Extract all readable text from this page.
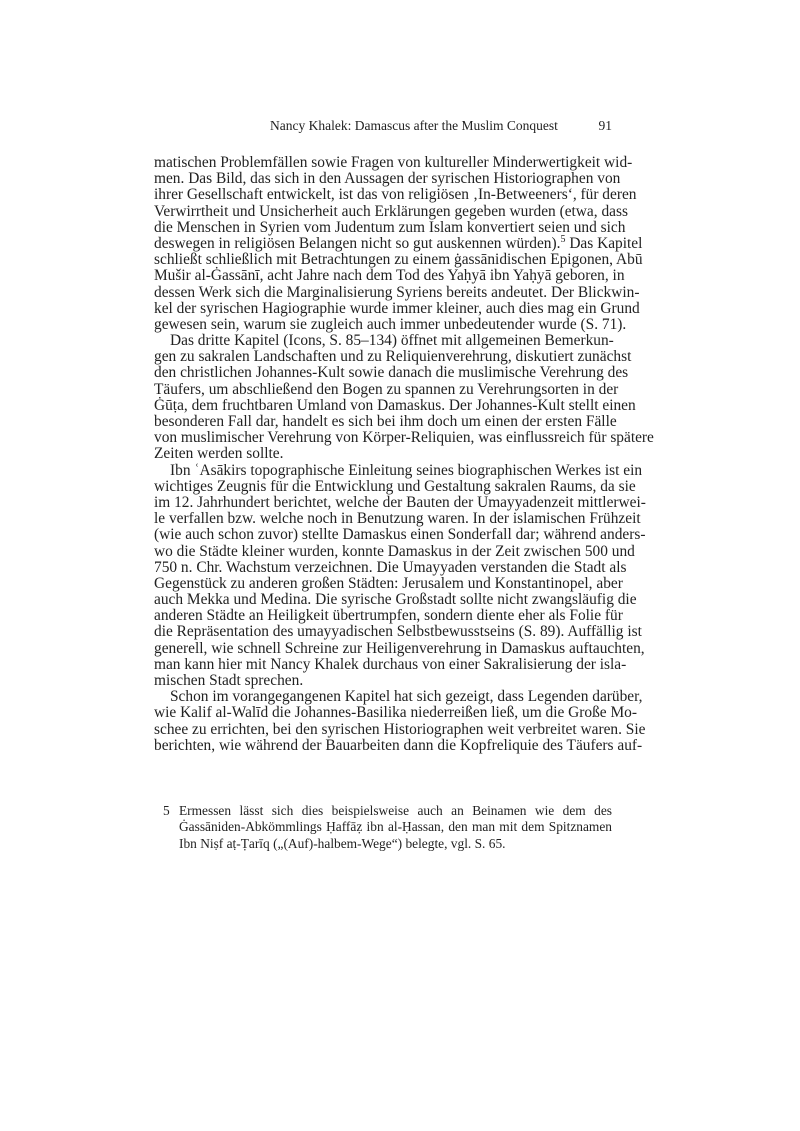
Nancy Khalek: Damascus after the Muslim Conquest	91
matischen Problemfällen sowie Fragen von kultureller Minderwertigkeit wid-
men. Das Bild, das sich in den Aussagen der syrischen Historiographen von
ihrer Gesellschaft entwickelt, ist das von religiösen ‚In-Betweeners‘, für deren
Verwirrtheit und Unsicherheit auch Erklärungen gegeben wurden (etwa, dass
die Menschen in Syrien vom Judentum zum Islam konvertiert seien und sich
deswegen in religiösen Belangen nicht so gut auskennen würden).$^5$ Das Kapitel
schließt schließlich mit Betrachtungen zu einem ġassānidischen Epigonen, Abū
Mušir al-Ġassānī, acht Jahre nach dem Tod des Yaḥyā ibn Yaḥyā geboren, in
dessen Werk sich die Marginalisierung Syriens bereits andeutet. Der Blickwin-
kel der syrischen Hagiographie wurde immer kleiner, auch dies mag ein Grund
gewesen sein, warum sie zugleich auch immer unbedeutender wurde (S. 71).
Das dritte Kapitel (Icons, S. 85–134) öffnet mit allgemeinen Bemerkun-
gen zu sakralen Landschaften und zu Reliquienverehrung, diskutiert zunächst
den christlichen Johannes-Kult sowie danach die muslimische Verehrung des
Täufers, um abschließend den Bogen zu spannen zu Verehrungsorten in der
Ġūṭa, dem fruchtbaren Umland von Damaskus. Der Johannes-Kult stellt einen
besonderen Fall dar, handelt es sich bei ihm doch um einen der ersten Fälle
von muslimischer Verehrung von Körper-Reliquien, was einflussreich für spätere
Zeiten werden sollte.
Ibn ʿAsākirs topographische Einleitung seines biographischen Werkes ist ein
wichtiges Zeugnis für die Entwicklung und Gestaltung sakralen Raums, da sie
im 12. Jahrhundert berichtet, welche der Bauten der Umayyadenzeit mittlerwei-
le verfallen bzw. welche noch in Benutzung waren. In der islamischen Frühzeit
(wie auch schon zuvor) stellte Damaskus einen Sonderfall dar; während anders-
wo die Städte kleiner wurden, konnte Damaskus in der Zeit zwischen 500 und
750 n. Chr. Wachstum verzeichnen. Die Umayyaden verstanden die Stadt als
Gegenstück zu anderen großen Städten: Jerusalem und Konstantinopel, aber
auch Mekka und Medina. Die syrische Großstadt sollte nicht zwangsläufig die
anderen Städte an Heiligkeit übertrumpfen, sondern diente eher als Folie für
die Repräsentation des umayyadischen Selbstbewusstseins (S. 89). Auffällig ist
generell, wie schnell Schreine zur Heiligenverehrung in Damaskus auftauchten,
man kann hier mit Nancy Khalek durchaus von einer Sakralisierung der isla-
mischen Stadt sprechen.
Schon im vorangegangenen Kapitel hat sich gezeigt, dass Legenden darüber,
wie Kalif al-Walīd die Johannes-Basilika niederreißen ließ, um die Große Mo-
schee zu errichten, bei den syrischen Historiographen weit verbreitet waren. Sie
berichten, wie während der Bauarbeiten dann die Kopfreliquie des Täufers auf-
5 Ermessen lässt sich dies beispielsweise auch an Beinamen wie dem des
Ġassāniden-Abkömmlings Ḥaffāẓ ibn al-Ḥassan, den man mit dem Spitznamen
Ibn Niṣf aṭ-Ṭarīq („(Auf)-halbem-Wege“) belegte, vgl. S. 65.
